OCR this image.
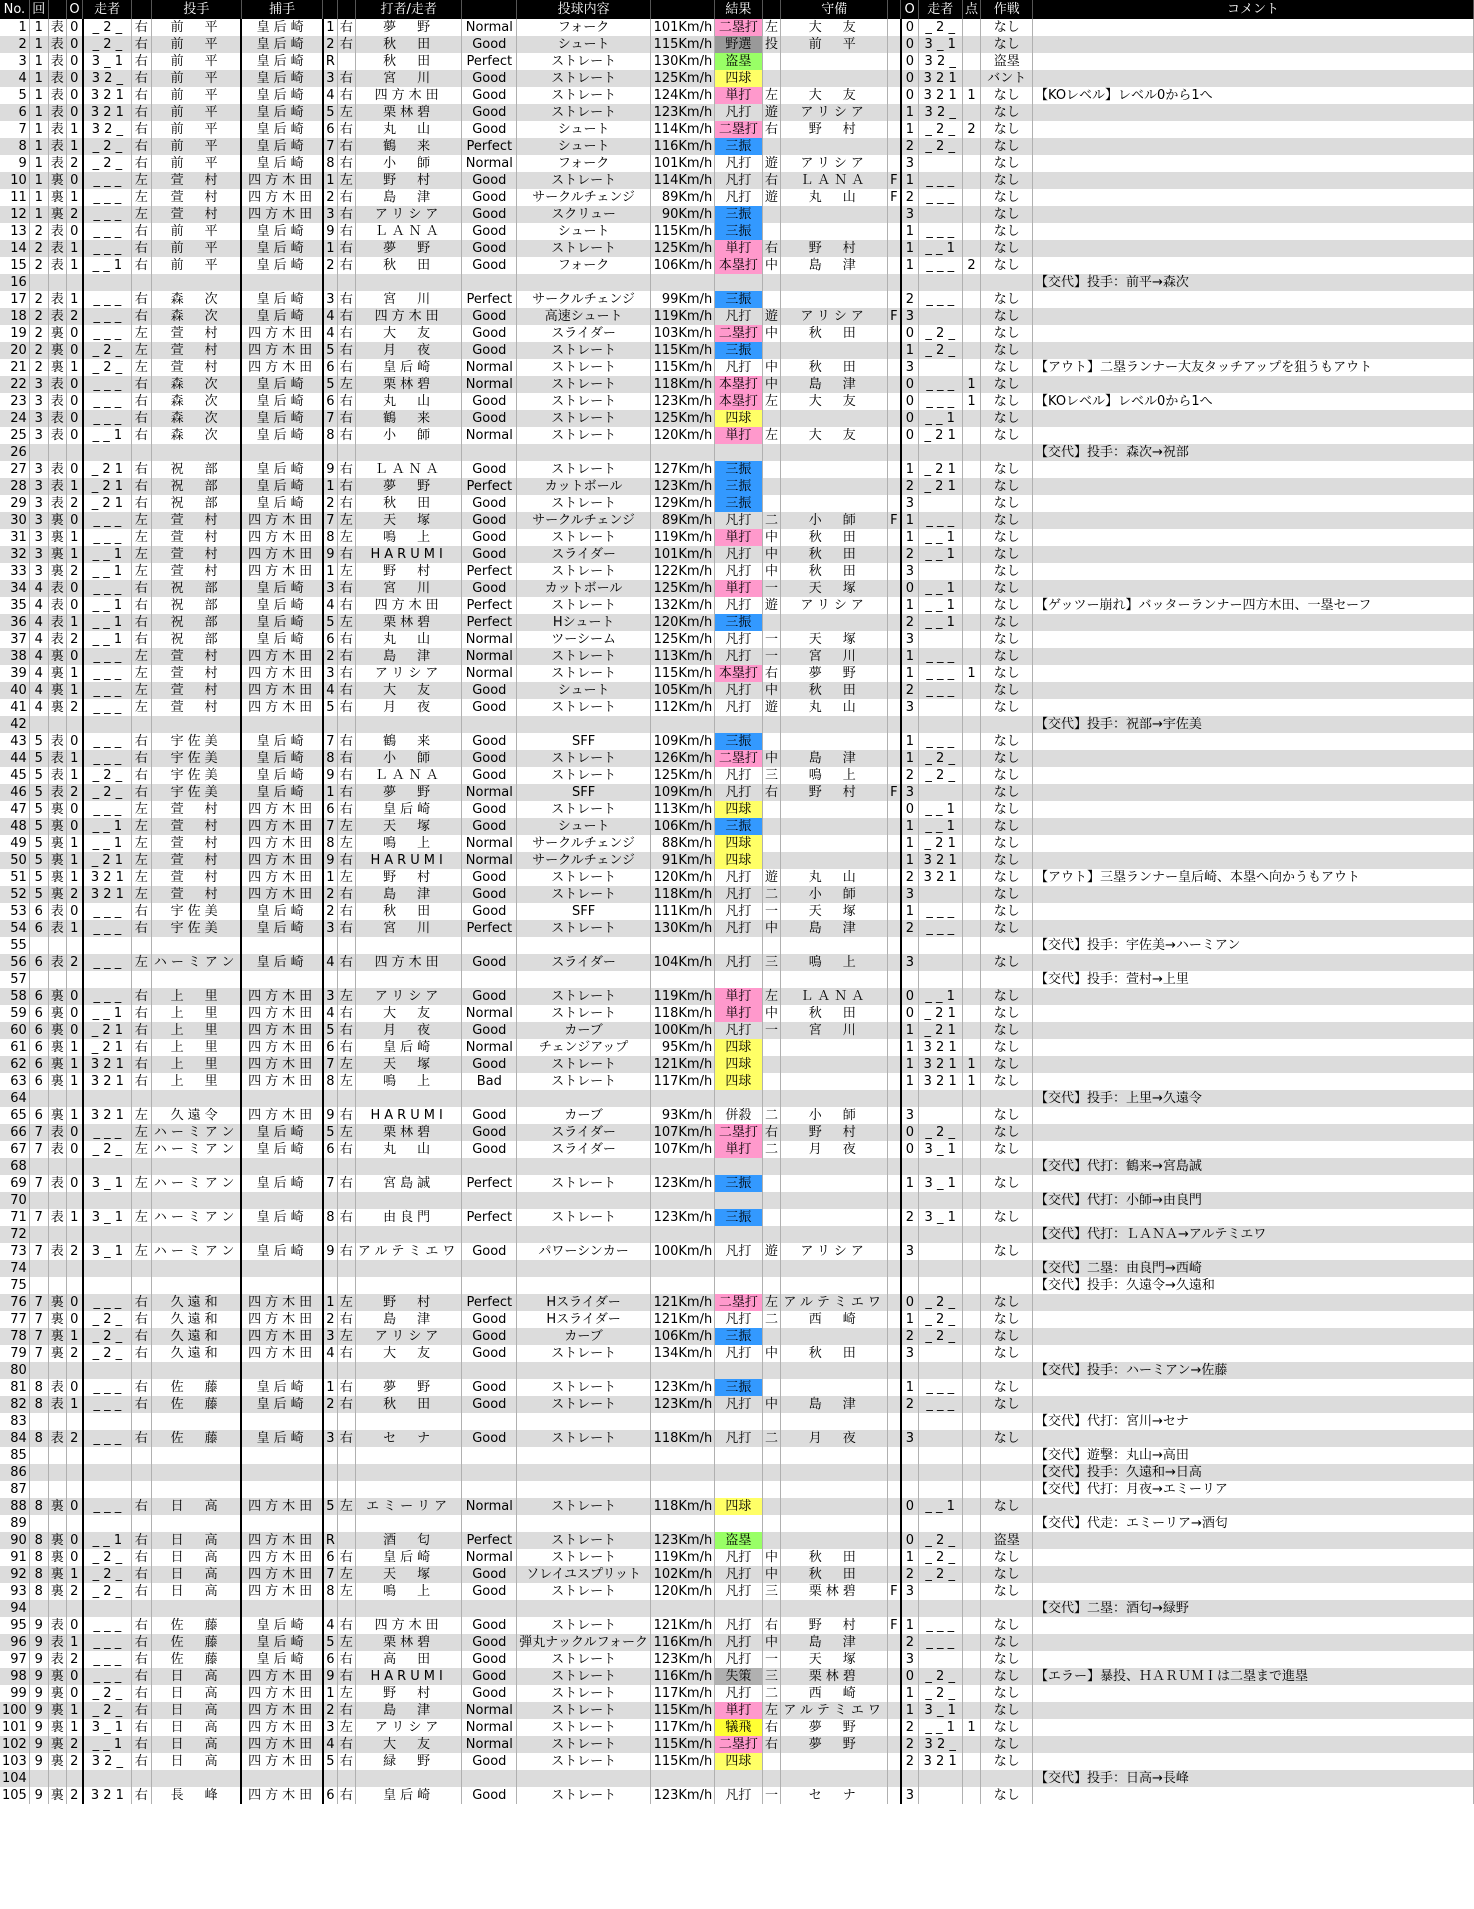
No.	回		O	走者		投手	捕手			打者/走者		投球内容		結果		守備		O	走者	点	作戦	コメント
1	1	表	0	_ 2 _	右	前　平	皇后崎	1	右	夢　野	Normal	フォーク	101Km/h	二塁打	左	大　友		0	_ 2 _		なし	
2	1	表	0	_ 2 _	右	前　平	皇后崎	2	右	秋　田	Good	シュート	115Km/h	野選	投	前　平		0	3 _ 1		なし	
3	1	表	0	3 _ 1	右	前　平	皇后崎	R		秋　田	Perfect	ストレート	130Km/h	盗塁				0	3 2 _		盗塁	
4	1	表	0	3 2 _	右	前　平	皇后崎	3	右	宮　川	Good	ストレート	125Km/h	四球				0	3 2 1		バント	
5	1	表	0	3 2 1	右	前　平	皇后崎	4	右	四方木田	Good	ストレート	124Km/h	単打	左	大　友		0	3 2 1	1	なし	【KOレベル】レベル0から1へ
6	1	表	0	3 2 1	右	前　平	皇后崎	5	左	栗林碧	Good	ストレート	123Km/h	凡打	遊	アリシア		1	3 2 _		なし	
7	1	表	1	3 2 _	右	前　平	皇后崎	6	右	丸　山	Good	シュート	114Km/h	二塁打	右	野　村		1	_ 2 _	2	なし	
8	1	表	1	_ 2 _	右	前　平	皇后崎	7	右	鶴　来	Perfect	シュート	116Km/h	三振				2	_ 2 _		なし	
9	1	表	2	_ 2 _	右	前　平	皇后崎	8	右	小　師	Normal	フォーク	101Km/h	凡打	遊	アリシア		3			なし	
10	1	裏	0	_ _ _	左	萱　村	四方木田	1	左	野　村	Good	ストレート	114Km/h	凡打	右	ＬＡＮＡ	F	1	_ _ _		なし	
11	1	裏	1	_ _ _	左	萱　村	四方木田	2	右	島　津	Good	サークルチェンジ	89Km/h	凡打	遊	丸　山	F	2	_ _ _		なし	
12	1	裏	2	_ _ _	左	萱　村	四方木田	3	右	アリシア	Good	スクリュー	90Km/h	三振				3			なし	
13	2	表	0	_ _ _	右	前　平	皇后崎	9	右	ＬＡＮＡ	Good	シュート	115Km/h	三振				1	_ _ _		なし	
14	2	表	1	_ _ _	右	前　平	皇后崎	1	右	夢　野	Good	ストレート	125Km/h	単打	右	野　村		1	_ _ 1		なし	
15	2	表	1	_ _ 1	右	前　平	皇后崎	2	右	秋　田	Good	フォーク	106Km/h	本塁打	中	島　津		1	_ _ _	2	なし	
16																						【交代】投手：前平→森次
17	2	表	1	_ _ _	右	森　次	皇后崎	3	右	宮　川	Perfect	サークルチェンジ	99Km/h	三振				2	_ _ _		なし	
18	2	表	2	_ _ _	右	森　次	皇后崎	4	右	四方木田	Good	高速シュート	119Km/h	凡打	遊	アリシア	F	3			なし	
19	2	裏	0	_ _ _	左	萱　村	四方木田	4	右	大　友	Good	スライダー	103Km/h	二塁打	中	秋　田		0	_ 2 _		なし	
20	2	裏	0	_ 2 _	左	萱　村	四方木田	5	右	月　夜	Good	ストレート	115Km/h	三振				1	_ 2 _		なし	
21	2	裏	1	_ 2 _	左	萱　村	四方木田	6	右	皇后崎	Normal	ストレート	115Km/h	凡打	中	秋　田		3			なし	【アウト】二塁ランナー大友タッチアップを狙うもアウト
22	3	表	0	_ _ _	右	森　次	皇后崎	5	左	栗林碧	Normal	ストレート	118Km/h	本塁打	中	島　津		0	_ _ _	1	なし	
23	3	表	0	_ _ _	右	森　次	皇后崎	6	右	丸　山	Good	ストレート	123Km/h	本塁打	左	大　友		0	_ _ _	1	なし	【KOレベル】レベル0から1へ
24	3	表	0	_ _ _	右	森　次	皇后崎	7	右	鶴　来	Good	ストレート	125Km/h	四球				0	_ _ 1		なし	
25	3	表	0	_ _ 1	右	森　次	皇后崎	8	右	小　師	Normal	ストレート	120Km/h	単打	左	大　友		0	_ 2 1		なし	
26																						【交代】投手：森次→祝部
27	3	表	0	_ 2 1	右	祝　部	皇后崎	9	右	ＬＡＮＡ	Good	ストレート	127Km/h	三振				1	_ 2 1		なし	
28	3	表	1	_ 2 1	右	祝　部	皇后崎	1	右	夢　野	Perfect	カットボール	123Km/h	三振				2	_ 2 1		なし	
29	3	表	2	_ 2 1	右	祝　部	皇后崎	2	右	秋　田	Good	ストレート	129Km/h	三振				3			なし	
30	3	裏	0	_ _ _	左	萱　村	四方木田	7	左	天　塚	Good	サークルチェンジ	89Km/h	凡打	二	小　師	F	1	_ _ _		なし	
31	3	裏	1	_ _ _	左	萱　村	四方木田	8	左	鳴　上	Good	ストレート	119Km/h	単打	中	秋　田		1	_ _ 1		なし	
32	3	裏	1	_ _ 1	左	萱　村	四方木田	9	右	HARUMI	Good	スライダー	101Km/h	凡打	中	秋　田		2	_ _ 1		なし	
33	3	裏	2	_ _ 1	左	萱　村	四方木田	1	左	野　村	Perfect	ストレート	122Km/h	凡打	中	秋　田		3			なし	
34	4	表	0	_ _ _	右	祝　部	皇后崎	3	右	宮　川	Good	カットボール	125Km/h	単打	一	天　塚		0	_ _ 1		なし	
35	4	表	0	_ _ 1	右	祝　部	皇后崎	4	右	四方木田	Perfect	ストレート	132Km/h	凡打	遊	アリシア		1	_ _ 1		なし	【ゲッツー崩れ】バッターランナー四方木田、一塁セーフ
36	4	表	1	_ _ 1	右	祝　部	皇后崎	5	左	栗林碧	Perfect	Hシュート	120Km/h	三振				2	_ _ 1		なし	
37	4	表	2	_ _ 1	右	祝　部	皇后崎	6	右	丸　山	Normal	ツーシーム	125Km/h	凡打	一	天　塚		3			なし	
38	4	裏	0	_ _ _	左	萱　村	四方木田	2	右	島　津	Normal	ストレート	113Km/h	凡打	一	宮　川		1	_ _ _		なし	
39	4	裏	1	_ _ _	左	萱　村	四方木田	3	右	アリシア	Normal	ストレート	115Km/h	本塁打	右	夢　野		1	_ _ _	1	なし	
40	4	裏	1	_ _ _	左	萱　村	四方木田	4	右	大　友	Good	シュート	105Km/h	凡打	中	秋　田		2	_ _ _		なし	
41	4	裏	2	_ _ _	左	萱　村	四方木田	5	右	月　夜	Good	ストレート	112Km/h	凡打	遊	丸　山		3			なし	
42																						【交代】投手：祝部→宇佐美
43	5	表	0	_ _ _	右	宇佐美	皇后崎	7	右	鶴　来	Good	SFF	109Km/h	三振				1	_ _ _		なし	
44	5	表	1	_ _ _	右	宇佐美	皇后崎	8	右	小　師	Good	ストレート	126Km/h	二塁打	中	島　津		1	_ 2 _		なし	
45	5	表	1	_ 2 _	右	宇佐美	皇后崎	9	右	ＬＡＮＡ	Good	ストレート	125Km/h	凡打	三	鳴　上		2	_ 2 _		なし	
46	5	表	2	_ 2 _	右	宇佐美	皇后崎	1	右	夢　野	Normal	SFF	109Km/h	凡打	右	野　村	F	3			なし	
47	5	裏	0	_ _ _	左	萱　村	四方木田	6	右	皇后崎	Good	ストレート	113Km/h	四球				0	_ _ 1		なし	
48	5	裏	0	_ _ 1	左	萱　村	四方木田	7	左	天　塚	Good	シュート	106Km/h	三振				1	_ _ 1		なし	
49	5	裏	1	_ _ 1	左	萱　村	四方木田	8	左	鳴　上	Normal	サークルチェンジ	88Km/h	四球				1	_ 2 1		なし	
50	5	裏	1	_ 2 1	左	萱　村	四方木田	9	右	HARUMI	Normal	サークルチェンジ	91Km/h	四球				1	3 2 1		なし	
51	5	裏	1	3 2 1	左	萱　村	四方木田	1	左	野　村	Good	ストレート	120Km/h	凡打	遊	丸　山		2	3 2 1		なし	【アウト】三塁ランナー皇后崎、本塁へ向かうもアウト
52	5	裏	2	3 2 1	左	萱　村	四方木田	2	右	島　津	Good	ストレート	118Km/h	凡打	二	小　師		3			なし	
53	6	表	0	_ _ _	右	宇佐美	皇后崎	2	右	秋　田	Good	SFF	111Km/h	凡打	一	天　塚		1	_ _ _		なし	
54	6	表	1	_ _ _	右	宇佐美	皇后崎	3	右	宮　川	Perfect	ストレート	130Km/h	凡打	中	島　津		2	_ _ _		なし	
55																						【交代】投手：宇佐美→ハーミアン
56	6	表	2	_ _ _	左	ハーミアン	皇后崎	4	右	四方木田	Good	スライダー	104Km/h	凡打	三	鳴　上		3			なし	
57																						【交代】投手：萱村→上里
58	6	裏	0	_ _ _	右	上　里	四方木田	3	左	アリシア	Good	ストレート	119Km/h	単打	左	ＬＡＮＡ		0	_ _ 1		なし	
59	6	裏	0	_ _ 1	右	上　里	四方木田	4	右	大　友	Normal	ストレート	118Km/h	単打	中	秋　田		0	_ 2 1		なし	
60	6	裏	0	_ 2 1	右	上　里	四方木田	5	右	月　夜	Good	カーブ	100Km/h	凡打	一	宮　川		1	_ 2 1		なし	
61	6	裏	1	_ 2 1	右	上　里	四方木田	6	右	皇后崎	Normal	チェンジアップ	95Km/h	四球				1	3 2 1		なし	
62	6	裏	1	3 2 1	右	上　里	四方木田	7	左	天　塚	Good	ストレート	121Km/h	四球				1	3 2 1	1	なし	
63	6	裏	1	3 2 1	右	上　里	四方木田	8	左	鳴　上	Bad	ストレート	117Km/h	四球				1	3 2 1	1	なし	
64																						【交代】投手：上里→久遠令
65	6	裏	1	3 2 1	左	久遠令	四方木田	9	右	HARUMI	Good	カーブ	93Km/h	併殺	二	小　師		3			なし	
66	7	表	0	_ _ _	左	ハーミアン	皇后崎	5	左	栗林碧	Good	スライダー	107Km/h	二塁打	右	野　村		0	_ 2 _		なし	
67	7	表	0	_ 2 _	左	ハーミアン	皇后崎	6	右	丸　山	Good	スライダー	107Km/h	単打	二	月　夜		0	3 _ 1		なし	
68																						【交代】代打：鶴来→宮島誠
69	7	表	0	3 _ 1	左	ハーミアン	皇后崎	7	右	宮島誠	Perfect	ストレート	123Km/h	三振				1	3 _ 1		なし	
70																						【交代】代打：小師→由良門
71	7	表	1	3 _ 1	左	ハーミアン	皇后崎	8	右	由良門	Perfect	ストレート	123Km/h	三振				2	3 _ 1		なし	
72																						【交代】代打：ＬＡＮＡ→アルテミエワ
73	7	表	2	3 _ 1	左	ハーミアン	皇后崎	9	右	アルテミエワ	Good	パワーシンカー	100Km/h	凡打	遊	アリシア		3			なし	
74																						【交代】二塁：由良門→西崎
75																						【交代】投手：久遠令→久遠和
76	7	裏	0	_ _ _	右	久遠和	四方木田	1	左	野　村	Perfect	Hスライダー	121Km/h	二塁打	左	アルテミエワ		0	_ 2 _		なし	
77	7	裏	0	_ 2 _	右	久遠和	四方木田	2	右	島　津	Good	Hスライダー	121Km/h	凡打	二	西　崎		1	_ 2 _		なし	
78	7	裏	1	_ 2 _	右	久遠和	四方木田	3	左	アリシア	Good	カーブ	106Km/h	三振				2	_ 2 _		なし	
79	7	裏	2	_ 2 _	右	久遠和	四方木田	4	右	大　友	Good	ストレート	134Km/h	凡打	中	秋　田		3			なし	
80																						【交代】投手：ハーミアン→佐藤
81	8	表	0	_ _ _	右	佐　藤	皇后崎	1	右	夢　野	Good	ストレート	123Km/h	三振				1	_ _ _		なし	
82	8	表	1	_ _ _	右	佐　藤	皇后崎	2	右	秋　田	Good	ストレート	123Km/h	凡打	中	島　津		2	_ _ _		なし	
83																						【交代】代打：宮川→セナ
84	8	表	2	_ _ _	右	佐　藤	皇后崎	3	右	セ　ナ	Good	ストレート	118Km/h	凡打	二	月　夜		3			なし	
85																						【交代】遊撃：丸山→高田
86																						【交代】投手：久遠和→日高
87																						【交代】代打：月夜→エミーリア
88	8	裏	0	_ _ _	右	日　高	四方木田	5	左	エミーリア	Normal	ストレート	118Km/h	四球				0	_ _ 1		なし	
89																						【交代】代走：エミーリア→酒匂
90	8	裏	0	_ _ 1	右	日　高	四方木田	R		酒　匂	Perfect	ストレート	123Km/h	盗塁				0	_ 2 _		盗塁	
91	8	裏	0	_ 2 _	右	日　高	四方木田	6	右	皇后崎	Normal	ストレート	119Km/h	凡打	中	秋　田		1	_ 2 _		なし	
92	8	裏	1	_ 2 _	右	日　高	四方木田	7	左	天　塚	Good	ソレイユスプリット	102Km/h	凡打	中	秋　田		2	_ 2 _		なし	
93	8	裏	2	_ 2 _	右	日　高	四方木田	8	左	鳴　上	Good	ストレート	120Km/h	凡打	三	栗林碧	F	3			なし	
94																						【交代】二塁：酒匂→緑野
95	9	表	0	_ _ _	右	佐　藤	皇后崎	4	右	四方木田	Good	ストレート	121Km/h	凡打	右	野　村	F	1	_ _ _		なし	
96	9	表	1	_ _ _	右	佐　藤	皇后崎	5	左	栗林碧	Good	弾丸ナックルフォーク	116Km/h	凡打	中	島　津		2	_ _ _		なし	
97	9	表	2	_ _ _	右	佐　藤	皇后崎	6	右	高　田	Good	ストレート	123Km/h	凡打	一	天　塚		3			なし	
98	9	裏	0	_ _ _	右	日　高	四方木田	9	右	HARUMI	Good	ストレート	116Km/h	失策	三	栗林碧		0	_ 2 _		なし	【エラー】暴投、ＨＡＲＵＭＩは二塁まで進塁
99	9	裏	0	_ 2 _	右	日　高	四方木田	1	左	野　村	Good	ストレート	117Km/h	凡打	二	西　崎		1	_ 2 _		なし	
100	9	裏	1	_ 2 _	右	日　高	四方木田	2	右	島　津	Normal	ストレート	115Km/h	単打	左	アルテミエワ		1	3 _ 1		なし	
101	9	裏	1	3 _ 1	右	日　高	四方木田	3	左	アリシア	Normal	ストレート	117Km/h	犠飛	右	夢　野		2	_ _ 1	1	なし	
102	9	裏	2	_ _ 1	右	日　高	四方木田	4	右	大　友	Normal	ストレート	115Km/h	二塁打	右	夢　野		2	3 2 _		なし	
103	9	裏	2	3 2 _	右	日　高	四方木田	5	右	緑　野	Good	ストレート	115Km/h	四球				2	3 2 1		なし	
104																						【交代】投手：日高→長峰
105	9	裏	2	3 2 1	右	長　峰	四方木田	6	右	皇后崎	Good	ストレート	123Km/h	凡打	一	セ　ナ		3			なし	
